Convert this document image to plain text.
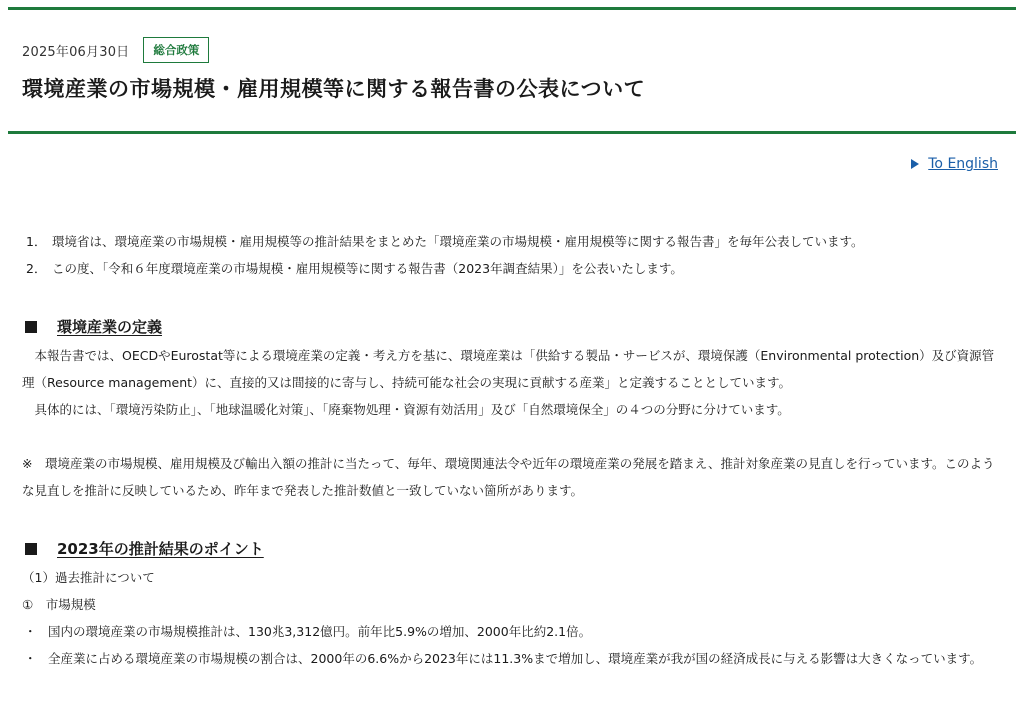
2025年06月30日	総合政策
環境産業の市場規模・雇用規模等に関する報告書の公表について
To English
1． 環境省は、環境産業の市場規模・雇用規模等の推計結果をまとめた「環境産業の市場規模・雇用規模等に関する報告書」を毎年公表しています。
2． この度、「令和６年度環境産業の市場規模・雇用規模等に関する報告書（2023年調査結果）」を公表いたします。
環境産業の定義

本報告書では、OECDやEurostat等による環境産業の定義・考え方を基に、環境産業は「供給する製品・サービスが、環境保護（Environmental protection）及び資源管理（Resource management）に、直接的又は間接的に寄与し、持続可能な社会の実現に貢献する産業」と定義することとしています。

具体的には、「環境汚染防止」、「地球温暖化対策」、「廃棄物処理・資源有効活用」及び「自然環境保全」の４つの分野に分けています。

※　環境産業の市場規模、雇用規模及び輸出入額の推計に当たって、毎年、環境関連法令や近年の環境産業の発展を踏まえ、推計対象産業の見直しを行っています。このような見直しを推計に反映しているため、昨年まで発表した推計数値と一致していない箇所があります。

2023年の推計結果のポイント

（1）過去推計について

①　市場規模

・ 国内の環境産業の市場規模推計は、130兆3,312億円。前年比5.9%の増加、2000年比約2.1倍。
・ 全産業に占める環境産業の市場規模の割合は、2000年の6.6%から2023年には11.3%まで増加し、環境産業が我が国の経済成長に与える影響は大きくなっています。
